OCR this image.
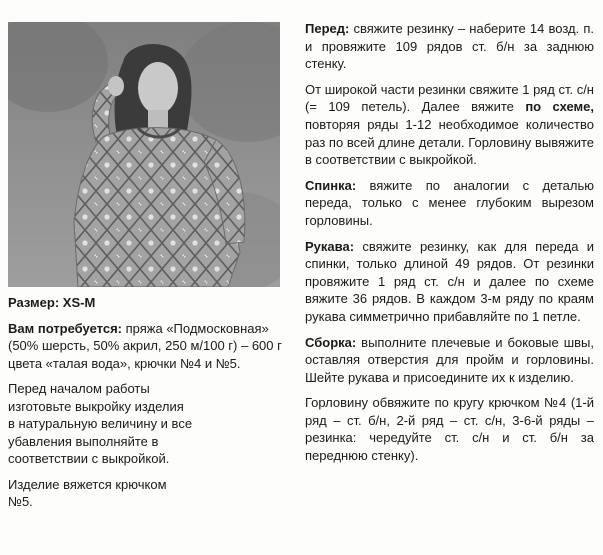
Размер: XS-M

Вам потребуется: пряжа «Подмосковная» (50% шерсть, 50% акрил, 250 м/100 г) – 600 г цвета «талая вода», крючки №4 и №5.

Перед началом работы изготовьте выкройку изделия в натуральную величину и все убавления выполняйте в соответствии с выкройкой.

Изделие вяжется крючком №5.

Перед: свяжите резинку – наберите 14 возд. п. и провяжите 109 рядов ст. б/н за заднюю стенку.

От широкой части резинки свяжите 1 ряд ст. с/н (= 109 петель). Далее вяжите по схеме, повторяя ряды 1-12 необходимое количество раз по всей длине детали. Горловину вывяжите в соответствии с выкройкой.

Спинка: вяжите по аналогии с деталью переда, только с менее глубоким вырезом горловины.

Рукава: свяжите резинку, как для переда и спинки, только длиной 49 рядов. От резинки провяжите 1 ряд ст. с/н и далее по схеме вяжите 36 рядов. В каждом 3-м ряду по краям рукава симметрично прибавляйте по 1 петле.

Сборка: выполните плечевые и боковые швы, оставляя отверстия для пройм и горловины. Шейте рукава и присоедините их к изделию.

Горловину обвяжите по кругу крючком №4 (1-й ряд – ст. б/н, 2-й ряд – ст. с/н, 3-6-й ряды – резинка: чередуйте ст. с/н и ст. б/н за переднюю стенку).
